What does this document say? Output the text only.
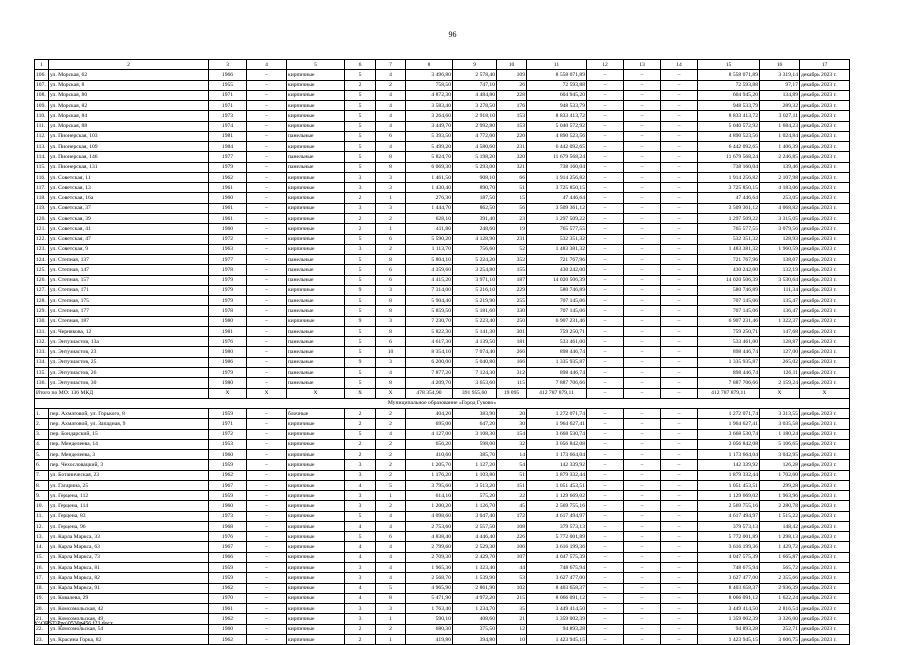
96
1	2	3	4	5	6	7	8	9	10	11	12	13	14	15	16	17
106.	ул. Морская, 62	1966	–	кирпичные	5	4	3 496,80	2 578,40	109	8 558 071,89	–	–	–	8 558 071,89	3 319,14	декабрь 2023 г.
107.	ул. Морская, 8	1955	–	кирпичные	2	2	758,50	747,10	26	72 593,88	–	–	–	72 593,88	97,17	декабрь 2023 г.
108.	ул. Морская, 80	1971	–	кирпичные	5	4	4 872,30	4 484,80	228	604 945,20	–	–	–	604 945,20	134,89	декабрь 2023 г.
109.	ул. Морская, 82	1971	–	кирпичные	5	4	3 583,40	3 278,50	176	948 533,79	–	–	–	948 533,79	289,32	декабрь 2023 г.
110.	ул. Морская, 84	1973	–	кирпичные	5	4	3 264,60	2 918,10	153	8 833 413,72	–	–	–	8 833 413,72	3 027,11	декабрь 2023 г.
111.	ул. Морская, 88	1974	–	кирпичные	5	4	3 449,70	2 992,80	153	5 040 572,92	–	–	–	5 040 572,92	1 684,23	декабрь 2023 г.
112.	ул. Пионерская, 103	1981	–	панельные	5	6	5 393,50	4 772,00	220	4 890 523,56	–	–	–	4 890 523,56	1 024,84	декабрь 2023 г.
113.	ул. Пионерская, 109	1984	–	кирпичные	5	4	5 499,20	4 580,60	231	6 442 092,65	–	–	–	6 442 092,65	1 406,39	декабрь 2023 г.
114.	ул. Пионерская, 146	1977	–	панельные	5	8	5 824,70	5 198,20	320	11 679 568,24	–	–	–	11 679 568,24	2 246,85	декабрь 2023 г.
115.	ул. Пионерская, 131	1979	–	панельные	5	8	6 069,30	5 293,00	321	738 160,04	–	–	–	738 160,04	139,46	декабрь 2023 г.
116.	ул. Советская, 11	1962	–	кирпичные	3	3	1 461,50	908,10	66	1 914 256,82	–	–	–	1 914 256,82	2 107,98	декабрь 2023 г.
117.	ул. Советская, 13	1961	–	кирпичные	3	3	1 430,40	890,70	51	3 725 850,15	–	–	–	3 725 850,15	4 183,06	декабрь 2023 г.
118.	ул. Советская, 16а	1960	–	кирпичные	2	1	276,30	187,50	15	47 446,64	–	–	–	47 446,64	253,05	декабрь 2023 г.
119.	ул. Советская, 37	1961	–	кирпичные	3	3	1 444,70	862,50	56	3 509 361,12	–	–	–	3 509 361,12	4 068,82	декабрь 2023 г.
120.	ул. Советская, 39	1961	–	кирпичные	2	2	628,10	391,40	23	1 297 509,22	–	–	–	1 297 509,22	3 315,05	декабрь 2023 г.
121.	ул. Советская, 41	1960	–	кирпичные	2	1	411,80	248,60	19	765 577,55	–	–	–	765 577,55	3 079,56	декабрь 2023 г.
122.	ул. Советская, 47	1972	–	кирпичные	5	6	5 590,20	4 128,90	231	532 351,32	–	–	–	532 351,32	128,93	декабрь 2023 г.
123.	ул. Советская, 9	1963	–	кирпичные	3	2	1 113,70	756,60	52	1 483 381,32	–	–	–	1 483 381,32	1 960,59	декабрь 2023 г.
124.	ул. Степная, 137	1977	–	панельные	5	8	5 804,10	5 224,20	352	721 767,96	–	–	–	721 767,96	138,07	декабрь 2023 г.
125.	ул. Степная, 147	1978	–	панельные	5	6	4 359,60	3 254,80	155	430 242,00	–	–	–	430 242,00	132,19	декабрь 2023 г.
126.	ул. Степная, 157	1979	–	панельные	5	6	4 415,20	3 971,10	187	14 020 506,39	–	–	–	14 020 506,39	3 530,64	декабрь 2023 г.
127.	ул. Степная, 171	1979	–	кирпичные	9	3	7 314,00	5 216,10	229	580 746,89	–	–	–	580 746,89	111,34	декабрь 2023 г.
128.	ул. Степная, 175	1979	–	панельные	5	8	5 904,40	5 219,90	255	707 145,06	–	–	–	707 145,06	135,47	декабрь 2023 г.
129.	ул. Степная, 177	1978	–	панельные	5	8	5 859,50	5 181,60	330	707 145,06	–	–	–	707 145,06	136,47	декабрь 2023 г.
130.	ул. Степная, 187	1980	–	кирпичные	9	3	7 230,70	5 223,40	250	6 907 231,46	–	–	–	6 907 231,46	1 322,37	декабрь 2023 г.
131.	ул. Чернякова, 12	1981	–	панельные	5	8	5 822,30	5 141,30	301	759 250,71	–	–	–	759 250,71	147,68	декабрь 2023 г.
132.	ул. Энтузиастов, 13а	1976	–	панельные	5	6	4 617,30	4 139,50	181	533 461,00	–	–	–	533 461,00	128,87	декабрь 2023 г.
133.	ул. Энтузиастов, 23	1980	–	панельные	5	10	8 354,10	7 074,40	266	898 446,74	–	–	–	898 446,74	127,00	декабрь 2023 г.
134.	ул. Энтузиастов, 25	1986	–	панельные	9	3	6 200,00	5 040,80	166	1 335 935,87	–	–	–	1 335 935,87	265,02	декабрь 2023 г.
135.	ул. Энтузиастов, 26	1979	–	панельные	5	4	7 877,20	7 124,30	312	898 446,74	–	–	–	898 446,74	126,11	декабрь 2023 г.
136.	ул. Энтузиастов, 30	1980	–	панельные	5	8	4 209,70	3 653,60	115	7 887 706,66	–	–	–	7 887 706,66	2 159,24	декабрь 2023 г.
Итого по МО: 136 МКД		X	X	X	X	X	478 354,90	391 955,60	19 095	412 787 879,11	–	–	–	412 787 879,11	X	X
Муниципальное образование «Город Гуково»																
1.	пер. Ахматовой, ул. Горького, 8	1959	–	блочные	2	2	404,20	383,90	20	1 272 071,74	–	–	–	1 272 071,74	3 313,55	декабрь 2023 г.
2.	пер. Ахматовой, ул. Западная, 9	1971	–	кирпичные	2	2	695,00	647,20	30	1 964 627,41	–	–	–	1 964 627,41	3 035,58	декабрь 2023 г.
3.	пер. Бондарский, 15	1972	–	кирпичные	5	4	4 127,00	3 108,30	154	3 668 530,74	–	–	–	3 668 530,74	1 180,24	декабрь 2023 г.
4.	пер. Менделеева, 14	1953	–	кирпичные	2	2	656,20	598,00	32	3 056 842,08	–	–	–	3 056 842,08	5 106,65	декабрь 2023 г.
5.	пер. Менделеева, 3	1960	–	кирпичные	2	2	410,60	385,70	14	1 173 664,04	–	–	–	1 173 664,04	3 042,95	декабрь 2023 г.
6.	пер. Чехословацкий, 3	1959	–	кирпичные	3	2	1 205,70	1 127,20	54	142 339,92	–	–	–	142 339,92	126,28	декабрь 2023 г.
7.	ул. Ботаническая, 23	1962	–	кирпичные	3	2	1 176,20	1 103,80	51	1 879 332,44	–	–	–	1 879 332,44	1 702,60	декабрь 2023 г.
8.	ул. Гагарина, 25	1967	–	кирпичные	4	5	3 795,60	3 513,20	151	1 051 453,51	–	–	–	1 051 453,51	299,28	декабрь 2023 г.
9.	ул. Герцена, 112	1959	–	кирпичные	3	1	614,10	575,20	22	1 129 669,02	–	–	–	1 129 669,02	1 963,96	декабрь 2023 г.
10.	ул. Герцена, 114	1960	–	кирпичные	3	2	1 200,20	1 126,70	45	2 569 755,16	–	–	–	2 569 755,16	2 280,78	декабрь 2023 г.
11.	ул. Герцена, 83	1973	–	кирпичные	5	4	4 098,60	3 047,40	172	4 617 494,97	–	–	–	4 617 494,97	1 515,22	декабрь 2023 г.
12.	ул. Герцена, 96	1968	–	кирпичные	4	4	2 753,60	2 557,50	108	379 573,13	–	–	–	379 573,13	148,42	декабрь 2023 г.
13.	ул. Карла Маркса, 33	1976	–	кирпичные	5	6	4 838,40	4 446,40	226	5 772 001,89	–	–	–	5 772 001,89	1 298,13	декабрь 2023 г.
14.	ул. Карла Маркса, 63	1967	–	кирпичные	4	4	2 799,60	2 529,30	106	3 616 199,36	–	–	–	3 616 199,36	1 429,72	декабрь 2023 г.
15.	ул. Карла Маркса, 73	1966	–	кирпичные	4	4	2 709,30	2 429,70	107	4 047 575,39	–	–	–	4 047 575,39	1 665,87	декабрь 2023 г.
16.	ул. Карла Маркса, 81	1959	–	кирпичные	3	4	1 965,30	1 323,40	44	748 675,94	–	–	–	748 675,94	565,72	декабрь 2023 г.
17.	ул. Карла Маркса, 82	1959	–	кирпичные	3	4	2 568,70	1 539,90	53	3 627 477,00	–	–	–	3 627 477,00	2 355,66	декабрь 2023 г.
18.	ул. Карла Маркса, 91	1962	–	кирпичные	4	5	4 965,90	2 861,90	102	8 403 658,37	–	–	–	8 403 658,37	2 936,39	декабрь 2023 г.
19.	ул. Ковалева, 29	1970	–	кирпичные	4	8	5 471,90	4 972,20	215	8 066 091,12	–	–	–	8 066 091,12	1 622,24	декабрь 2023 г.
20.	ул. Комсомольская, 42	1961	–	кирпичные	3	3	1 763,40	1 234,70	35	3 449 414,50	–	–	–	3 449 414,50	2 816,54	декабрь 2023 г.
21.	ул. Комсомольская, 49	1962	–	кирпичные	3	1	590,10	408,60	21	1 359 002,39	–	–	–	1 359 002,39	3 326,00	декабрь 2023 г.
22.	ул. Комсомольская, 54	1960	–	кирпичные	2	2	680,30	375,50	12	94 893,28	–	–	–	94 893,28	252,71	декабрь 2023 г.
23.	ул. Красина Горка, 82	1962	–	кирпичные	2	1	419,80	394,80	10	1 423 945,15	–	–	–	1 423 945,15	3 606,75	декабрь 2023 г.
Y:\ORST\Ppo\0530p456.f23.docx
